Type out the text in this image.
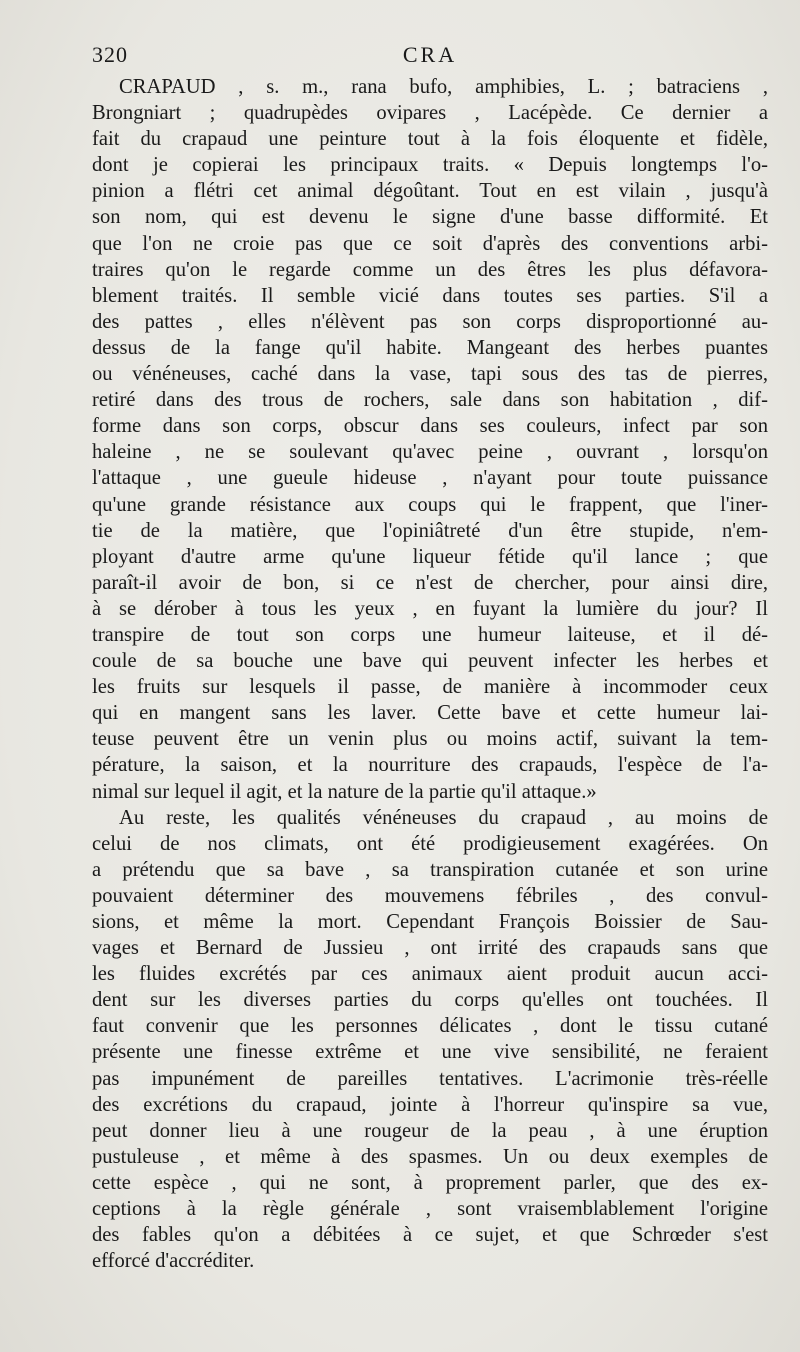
320	CRA
CRAPAUD , s. m., rana bufo, amphibies, L. ; batraciens ,
Brongniart ; quadrupèdes ovipares , Lacépède. Ce dernier a
fait du crapaud une peinture tout à la fois éloquente et fidèle,
dont je copierai les principaux traits. « Depuis longtemps l'o-
pinion a flétri cet animal dégoûtant. Tout en est vilain , jusqu'à
son nom, qui est devenu le signe d'une basse difformité. Et
que l'on ne croie pas que ce soit d'après des conventions arbi-
traires qu'on le regarde comme un des êtres les plus défavora-
blement traités. Il semble vicié dans toutes ses parties. S'il a
des pattes , elles n'élèvent pas son corps disproportionné au-
dessus de la fange qu'il habite. Mangeant des herbes puantes
ou vénéneuses, caché dans la vase, tapi sous des tas de pierres,
retiré dans des trous de rochers, sale dans son habitation , dif-
forme dans son corps, obscur dans ses couleurs, infect par son
haleine , ne se soulevant qu'avec peine , ouvrant , lorsqu'on
l'attaque , une gueule hideuse , n'ayant pour toute puissance
qu'une grande résistance aux coups qui le frappent, que l'iner-
tie de la matière, que l'opiniâtreté d'un être stupide, n'em-
ployant d'autre arme qu'une liqueur fétide qu'il lance ; que
paraît-il avoir de bon, si ce n'est de chercher, pour ainsi dire,
à se dérober à tous les yeux , en fuyant la lumière du jour? Il
transpire de tout son corps une humeur laiteuse, et il dé-
coule de sa bouche une bave qui peuvent infecter les herbes et
les fruits sur lesquels il passe, de manière à incommoder ceux
qui en mangent sans les laver. Cette bave et cette humeur lai-
teuse peuvent être un venin plus ou moins actif, suivant la tem-
pérature, la saison, et la nourriture des crapauds, l'espèce de l'a-
nimal sur lequel il agit, et la nature de la partie qu'il attaque.»
Au reste, les qualités vénéneuses du crapaud , au moins de
celui de nos climats, ont été prodigieusement exagérées. On
a prétendu que sa bave , sa transpiration cutanée et son urine
pouvaient déterminer des mouvemens fébriles , des convul-
sions, et même la mort. Cependant François Boissier de Sau-
vages et Bernard de Jussieu , ont irrité des crapauds sans que
les fluides excrétés par ces animaux aient produit aucun acci-
dent sur les diverses parties du corps qu'elles ont touchées. Il
faut convenir que les personnes délicates , dont le tissu cutané
présente une finesse extrême et une vive sensibilité, ne feraient
pas impunément de pareilles tentatives. L'acrimonie très-réelle
des excrétions du crapaud, jointe à l'horreur qu'inspire sa vue,
peut donner lieu à une rougeur de la peau , à une éruption
pustuleuse , et même à des spasmes. Un ou deux exemples de
cette espèce , qui ne sont, à proprement parler, que des ex-
ceptions à la règle générale , sont vraisemblablement l'origine
des fables qu'on a débitées à ce sujet, et que Schrœder s'est
efforcé d'accréditer.
